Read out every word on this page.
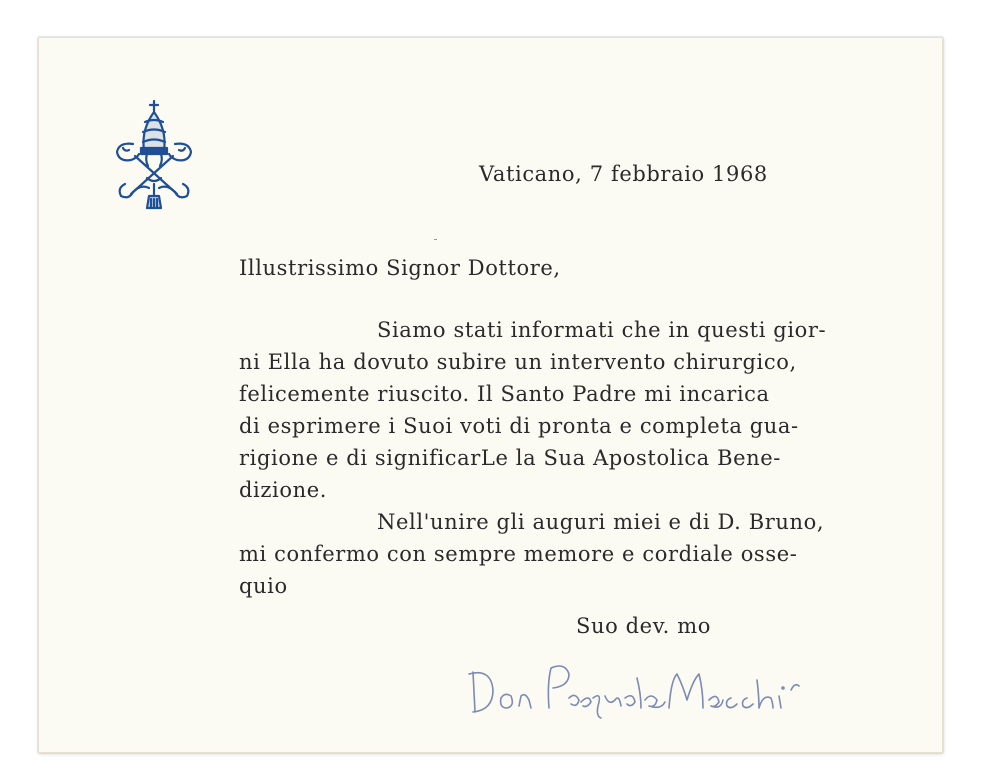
Vaticano, 7 febbraio 1968
Illustrissimo Signor Dottore,
Siamo stati informati che in questi gior-
ni Ella ha dovuto subire un intervento chirurgico,
felicemente riuscito. Il Santo Padre mi incarica
di esprimere i Suoi voti di pronta e completa gua-
rigione e di significarLe la Sua Apostolica Bene-
dizione.
Nell'unire gli auguri miei e di D. Bruno,
mi confermo con sempre memore e cordiale osse-
quio
Suo dev. mo
